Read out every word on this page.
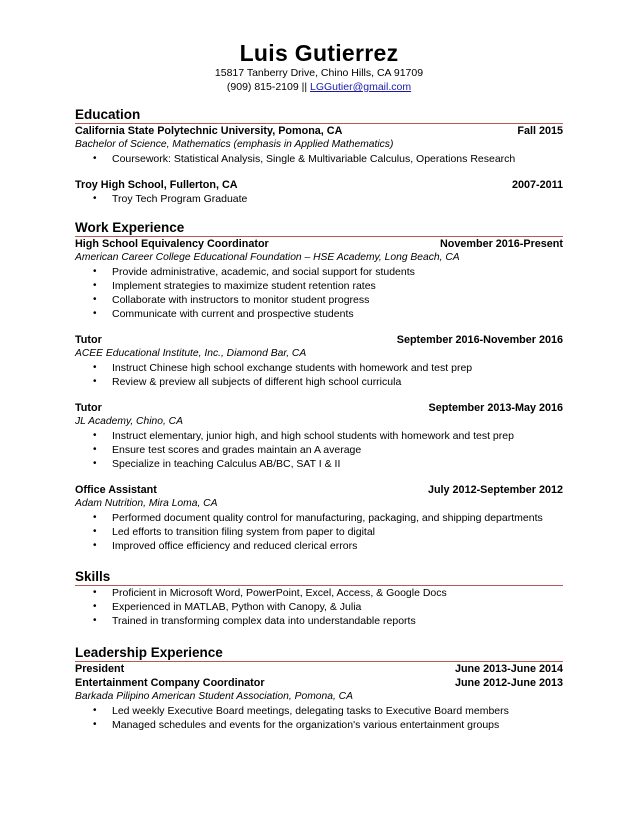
Luis Gutierrez
15817 Tanberry Drive, Chino Hills, CA 91709
(909) 815-2109 || LGGutier@gmail.com
Education
California State Polytechnic University, Pomona, CA	Fall 2015
Bachelor of Science, Mathematics (emphasis in Applied Mathematics)
• Coursework: Statistical Analysis, Single & Multivariable Calculus, Operations Research
Troy High School, Fullerton, CA	2007-2011
• Troy Tech Program Graduate
Work Experience
High School Equivalency Coordinator	November 2016-Present
American Career College Educational Foundation – HSE Academy, Long Beach, CA
• Provide administrative, academic, and social support for students
• Implement strategies to maximize student retention rates
• Collaborate with instructors to monitor student progress
• Communicate with current and prospective students
Tutor	September 2016-November 2016
ACEE Educational Institute, Inc., Diamond Bar, CA
• Instruct Chinese high school exchange students with homework and test prep
• Review & preview all subjects of different high school curricula
Tutor	September 2013-May 2016
JL Academy, Chino, CA
• Instruct elementary, junior high, and high school students with homework and test prep
• Ensure test scores and grades maintain an A average
• Specialize in teaching Calculus AB/BC, SAT I & II
Office Assistant	July 2012-September 2012
Adam Nutrition, Mira Loma, CA
• Performed document quality control for manufacturing, packaging, and shipping departments
• Led efforts to transition filing system from paper to digital
• Improved office efficiency and reduced clerical errors
Skills
• Proficient in Microsoft Word, PowerPoint, Excel, Access, & Google Docs
• Experienced in MATLAB, Python with Canopy, & Julia
• Trained in transforming complex data into understandable reports
Leadership Experience
President	June 2013-June 2014
Entertainment Company Coordinator	June 2012-June 2013
Barkada Pilipino American Student Association, Pomona, CA
• Led weekly Executive Board meetings, delegating tasks to Executive Board members
• Managed schedules and events for the organization's various entertainment groups
